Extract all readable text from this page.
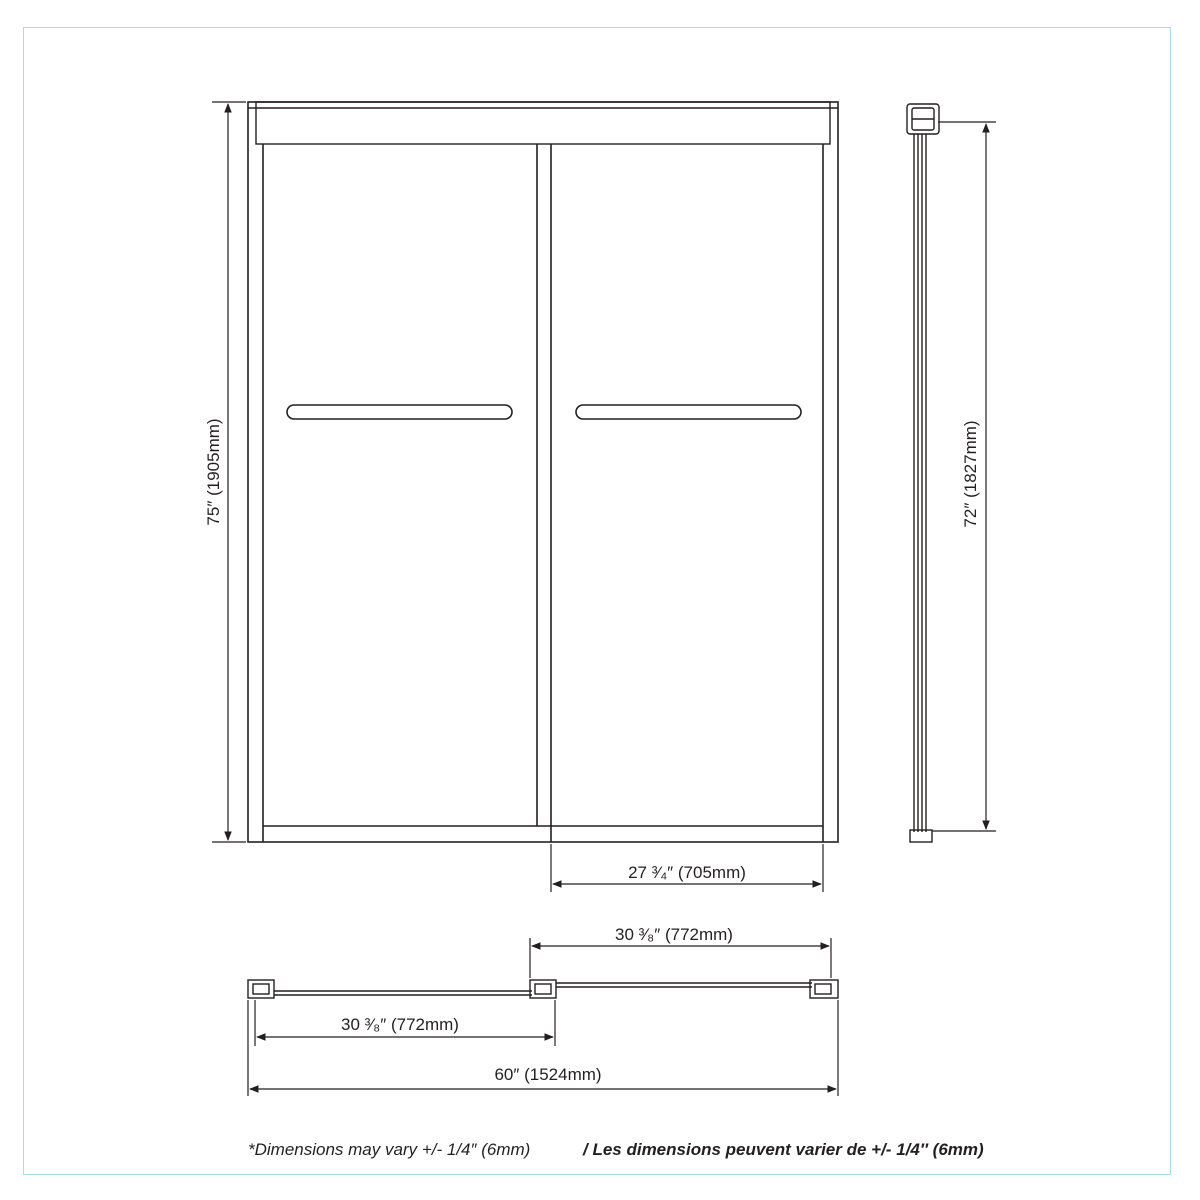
75″ (1905mm)
27 ³⁄₄″ (705mm)
72″ (1827mm)
30 ³⁄₈″ (772mm)
30 ³⁄₈″ (772mm)
60″ (1524mm)
*Dimensions may vary +/- 1/4″ (6mm)	/ Les dimensions peuvent varier de +/- 1/4″ (6mm)
